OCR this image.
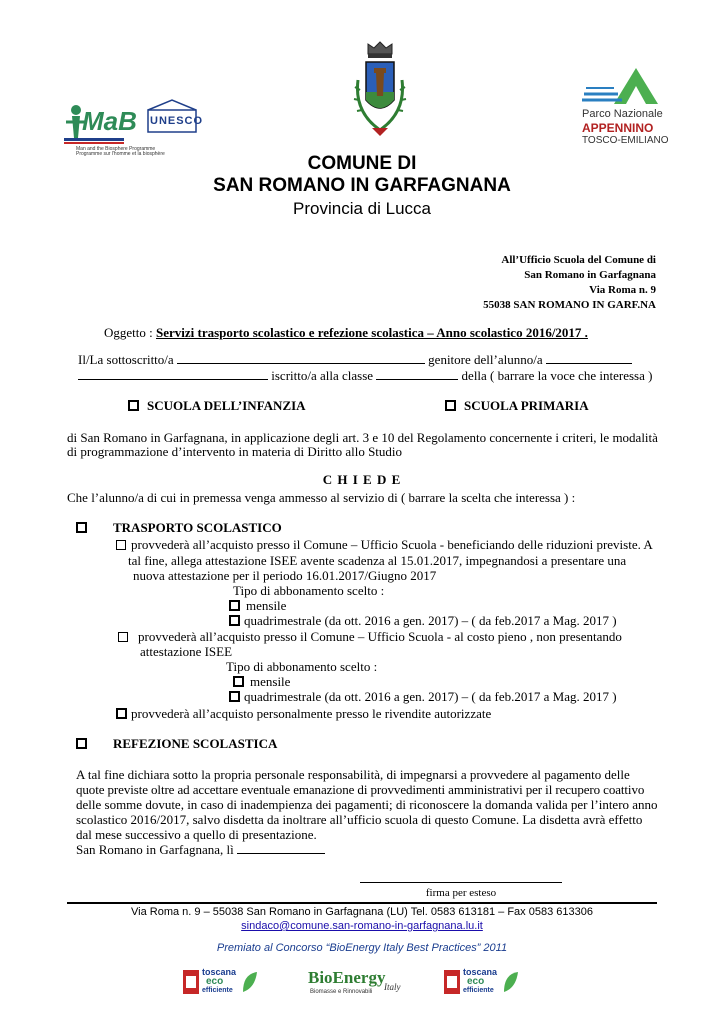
MaB UNESCO
Man and the Biosphere Programme
Programme sur l'homme et la biosphère
Parco Nazionale
APPENNINO
TOSCO-EMILIANO
COMUNE DI
SAN ROMANO IN GARFAGNANA
Provincia di Lucca
All’Ufficio Scuola del Comune di
San Romano in Garfagnana
Via Roma n. 9
55038 SAN ROMANO IN GARF.NA
Oggetto : Servizi trasporto scolastico e refezione scolastica – Anno scolastico 2016/2017 .
Il/La sottoscritto/a	genitore dell’alunno/a
iscritto/a alla classe	della ( barrare la voce che interessa )
SCUOLA DELL’INFANZIA	SCUOLA PRIMARIA
di San Romano in Garfagnana, in applicazione degli art. 3 e 10 del Regolamento concernente i criteri, le modalità
di programmazione d’intervento in materia di Diritto allo Studio
C H I E D E
Che l’alunno/a di cui in premessa venga ammesso al servizio di ( barrare la scelta che interessa ) :
TRASPORTO SCOLASTICO
provvederà all’acquisto presso il Comune – Ufficio Scuola - beneficiando delle riduzioni previste. A
tal fine, allega attestazione ISEE avente scadenza al 15.01.2017, impegnandosi a presentare una
nuova attestazione per il periodo 16.01.2017/Giugno 2017
Tipo di abbonamento scelto :
mensile
quadrimestrale (da ott. 2016 a gen. 2017) – ( da feb.2017 a Mag. 2017 )
provvederà all’acquisto presso il Comune – Ufficio Scuola - al costo pieno , non presentando
attestazione ISEE
Tipo di abbonamento scelto :
mensile
quadrimestrale (da ott. 2016 a gen. 2017) – ( da feb.2017 a Mag. 2017 )
provvederà all’acquisto personalmente presso le rivendite autorizzate
REFEZIONE SCOLASTICA
A tal fine dichiara sotto la propria personale responsabilità, di impegnarsi a provvedere al pagamento delle
quote previste oltre ad accettare eventuale emanazione di provvedimenti amministrativi per il recupero coattivo
delle somme dovute, in caso di inadempienza dei pagamenti; di riconoscere la domanda valida per l’intero anno
scolastico 2016/2017, salvo disdetta da inoltrare all’ufficio scuola di questo Comune. La disdetta avrà effetto
dal mese successivo a quello di presentazione.
San Romano in Garfagnana, lì
firma per esteso
Via Roma n. 9 – 55038 San Romano in Garfagnana (LU) Tel. 0583 613181 – Fax 0583 613306
sindaco@comune.san-romano-in-garfagnana.lu.it
Premiato al Concorso “BioEnergy Italy Best Practices” 2011
toscana
eco
efficiente
BioEnergy
Biomasse e Rinnovabili Italy
toscana
eco
efficiente
